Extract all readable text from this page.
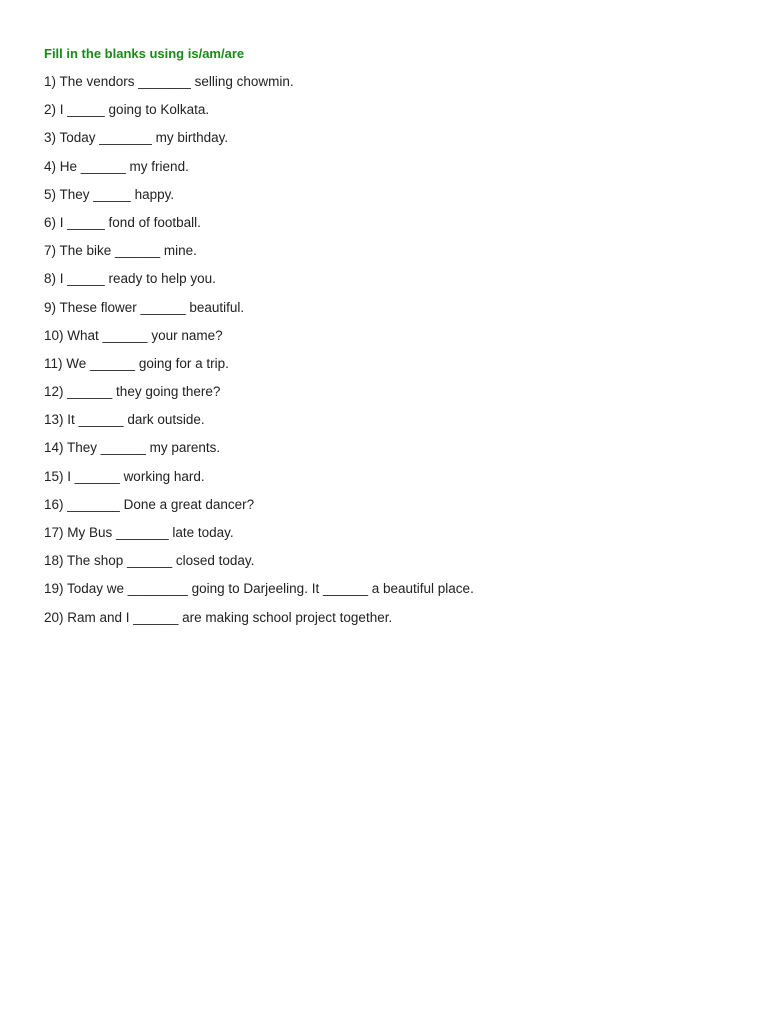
Fill in the blanks using is/am/are
1) The vendors _______ selling chowmin.
2) I _____ going to Kolkata.
3) Today _______ my birthday.
4) He ______ my friend.
5) They _____ happy.
6) I _____ fond of football.
7) The bike ______ mine.
8) I _____ ready to help you.
9) These flower ______ beautiful.
10) What ______ your name?
11) We ______ going for a trip.
12) ______ they going there?
13) It ______ dark outside.
14) They ______ my parents.
15) I ______ working hard.
16) _______ Done a great dancer?
17) My Bus _______ late today.
18) The shop ______ closed today.
19) Today we ________ going to Darjeeling. It ______ a beautiful place.
20) Ram and I ______ are making school project together.
